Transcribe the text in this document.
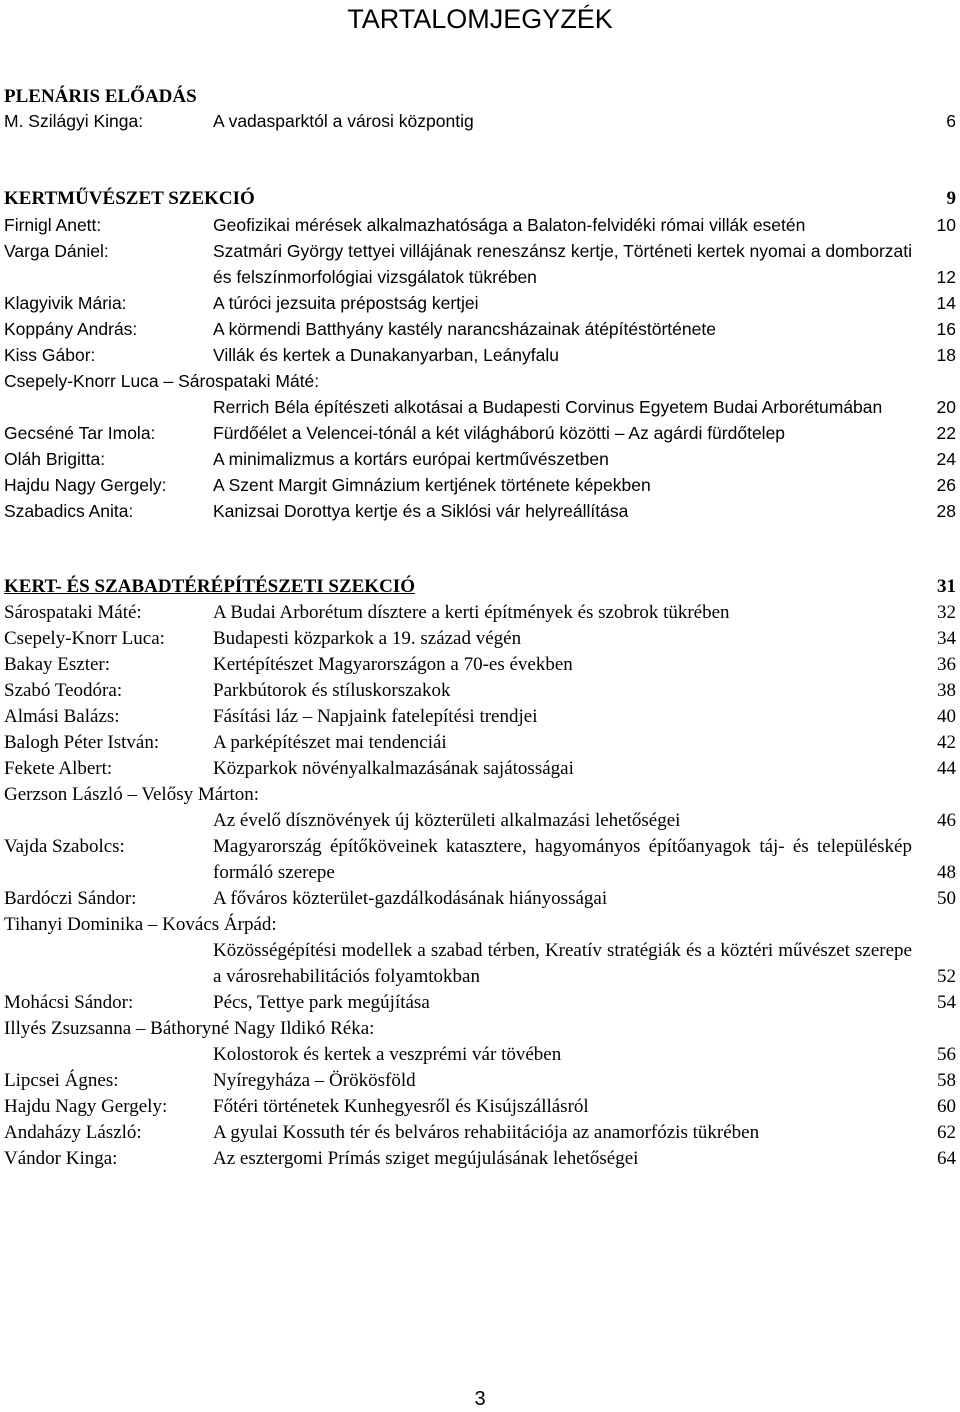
TARTALOMJEGYZÉK
PLENÁRIS ELŐADÁS
M. Szilágyi Kinga:	A vadasparktól a városi központig	6
KERTMŰVÉSZET SZEKCIÓ	9
Firnigl Anett:	Geofizikai mérések alkalmazhatósága a Balaton-felvidéki római villák esetén	10
Varga Dániel:	Szatmári György tettyei villájának reneszánsz kertje, Történeti kertek nyomai a domborzati és felszínmorfológiai vizsgálatok tükrében	12
Klagyivik Mária:	A túróci jezsuita prépostság kertjei	14
Koppány András:	A körmendi Batthyány kastély narancsházainak átépítéstörténete	16
Kiss Gábor:	Villák és kertek a Dunakanyarban, Leányfalu	18
Csepely-Knorr Luca – Sárospataki Máté:
Rerrich Béla építészeti alkotásai a Budapesti Corvinus Egyetem Budai Arborétumában	20
Gecséné Tar Imola:	Fürdőélet a Velencei-tónál a két világháború közötti – Az agárdi fürdőtelep	22
Oláh Brigitta:	A minimalizmus a kortárs európai kertművészetben	24
Hajdu Nagy Gergely:	A Szent Margit Gimnázium kertjének története képekben	26
Szabadics Anita:	Kanizsai Dorottya kertje és a Siklósi vár helyreállítása	28
KERT- ÉS SZABADTÉRÉPÍTÉSZETI SZEKCIÓ	31
Sárospataki Máté:	A Budai Arborétum dísztere a kerti építmények és szobrok tükrében	32
Csepely-Knorr Luca:	Budapesti közparkok a 19. század végén	34
Bakay Eszter:	Kertépítészet Magyarországon a 70-es években	36
Szabó Teodóra:	Parkbútorok és stíluskorszakok	38
Almási Balázs:	Fásítási láz – Napjaink fatelepítési trendjei	40
Balogh Péter István:	A parképítészet mai tendenciái	42
Fekete Albert:	Közparkok növényalkalmazásának sajátosságai	44
Gerzson László – Velősy Márton:
Az évelő dísznövények új közterületi alkalmazási lehetőségei	46
Vajda Szabolcs:	Magyarország építőköveinek katasztere, hagyományos építőanyagok táj- és településkép formáló szerepe	48
Bardóczi Sándor:	A főváros közterület-gazdálkodásának hiányosságai	50
Tihanyi Dominika – Kovács Árpád:
Közösségépítési modellek a szabad térben, Kreatív stratégiák és a köztéri művészet szerepe a városrehabilitációs folyamtokban	52
Mohácsi Sándor:	Pécs, Tettye park megújítása	54
Illyés Zsuzsanna – Báthoryné Nagy Ildikó Réka:
Kolostorok és kertek a veszprémi vár tövében	56
Lipcsei Ágnes:	Nyíregyháza – Örökösföld	58
Hajdu Nagy Gergely:	Főtéri történetek Kunhegyesről és Kisújszállásról	60
Andaházy László:	A gyulai Kossuth tér és belváros rehabiitációja az anamorfózis tükrében	62
Vándor Kinga:	Az esztergomi Prímás sziget megújulásának lehetőségei	64
3
